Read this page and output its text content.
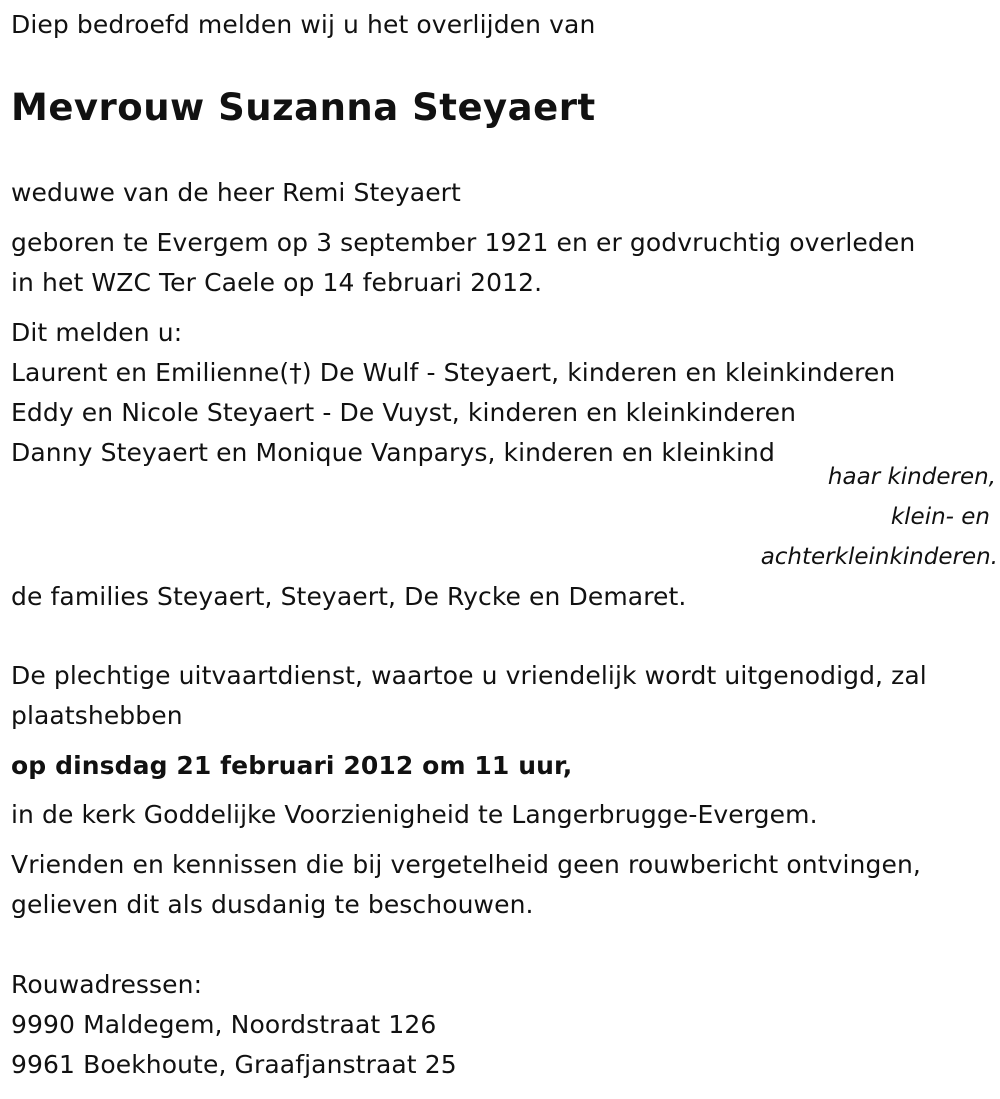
Diep bedroefd melden wij u het overlijden van
Mevrouw Suzanna Steyaert
weduwe van de heer Remi Steyaert
geboren te Evergem op 3 september 1921 en er godvruchtig overleden
in het WZC Ter Caele op 14 februari 2012.
Dit melden u:
Laurent en Emilienne(†) De Wulf - Steyaert, kinderen en kleinkinderen
Eddy en Nicole Steyaert - De Vuyst, kinderen en kleinkinderen
Danny Steyaert en Monique Vanparys, kinderen en kleinkind
haar kinderen,
klein- en
achterkleinkinderen.
de families Steyaert, Steyaert, De Rycke en Demaret.
De plechtige uitvaartdienst, waartoe u vriendelijk wordt uitgenodigd, zal
plaatshebben
op dinsdag 21 februari 2012 om 11 uur,
in de kerk Goddelijke Voorzienigheid te Langerbrugge-Evergem.
Vrienden en kennissen die bij vergetelheid geen rouwbericht ontvingen,
gelieven dit als dusdanig te beschouwen.
Rouwadressen:
9990 Maldegem, Noordstraat 126
9961 Boekhoute, Graafjanstraat 25
